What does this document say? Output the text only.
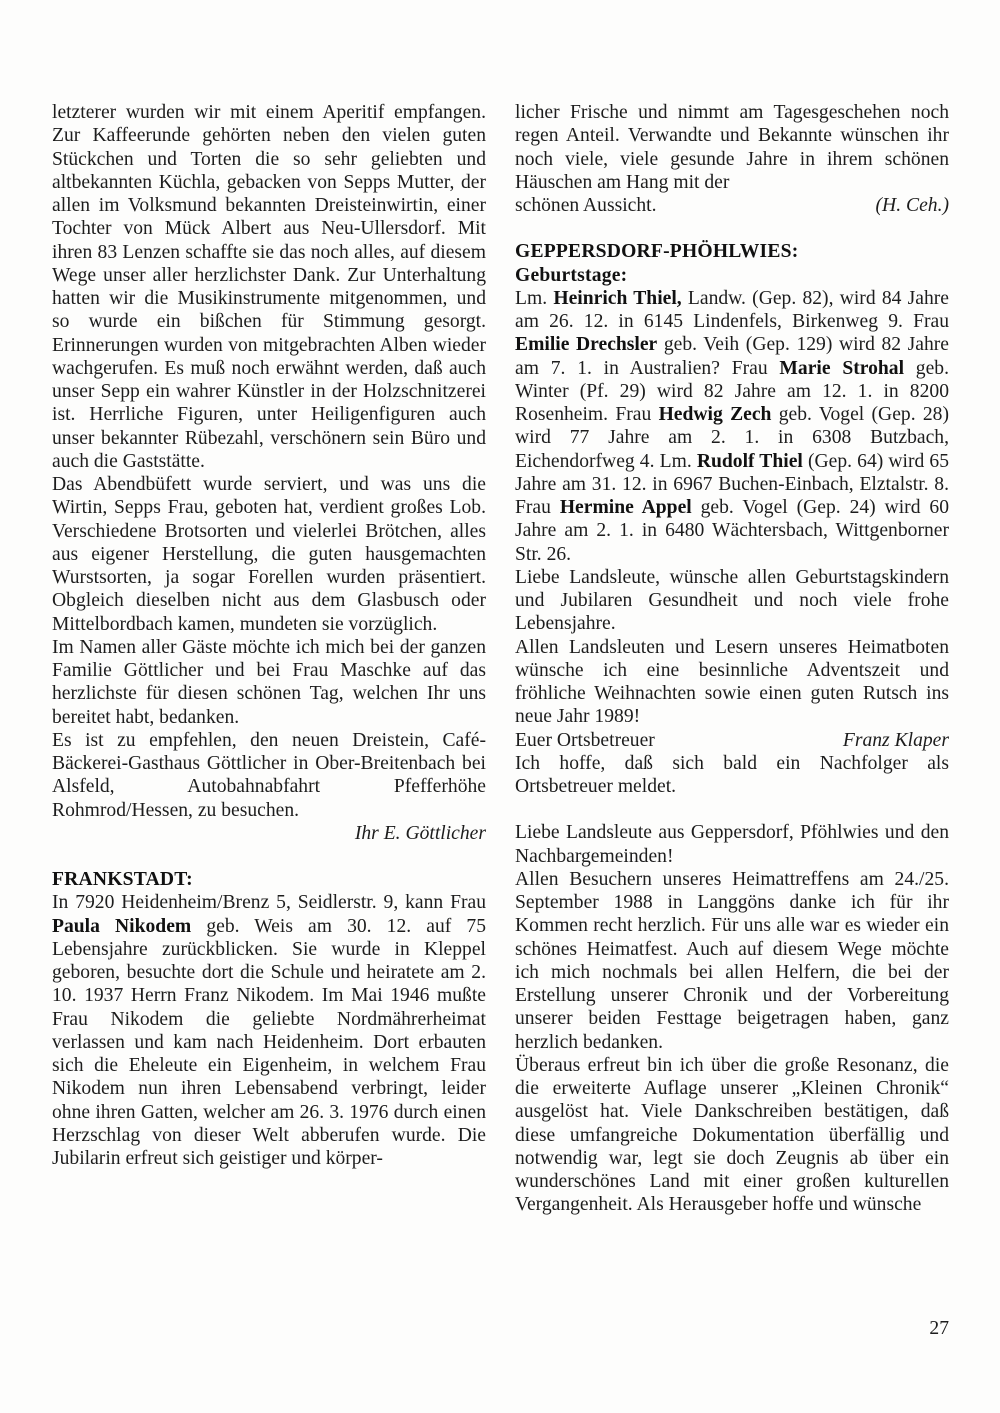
letzterer wurden wir mit einem Aperitif empfangen. Zur Kaffeerunde gehörten neben den vielen guten Stückchen und Torten die so sehr geliebten und altbekannten Küchla, gebacken von Sepps Mutter, der allen im Volksmund bekannten Dreisteinwirtin, einer Tochter von Mück Albert aus Neu-Ullersdorf. Mit ihren 83 Lenzen schaffte sie das noch alles, auf diesem Wege unser aller herzlichster Dank. Zur Unterhaltung hatten wir die Musikinstrumente mitgenommen, und so wurde ein bißchen für Stimmung gesorgt. Erinnerungen wurden von mitgebrachten Alben wieder wachgerufen. Es muß noch erwähnt werden, daß auch unser Sepp ein wahrer Künstler in der Holzschnitzerei ist. Herrliche Figuren, unter Heiligenfiguren auch unser bekannter Rübezahl, verschönern sein Büro und auch die Gaststätte.

Das Abendbüfett wurde serviert, und was uns die Wirtin, Sepps Frau, geboten hat, verdient großes Lob. Verschiedene Brotsorten und vielerlei Brötchen, alles aus eigener Herstellung, die guten hausgemachten Wurstsorten, ja sogar Forellen wurden präsentiert. Obgleich dieselben nicht aus dem Glasbusch oder Mittelbordbach kamen, mundeten sie vorzüglich.

Im Namen aller Gäste möchte ich mich bei der ganzen Familie Göttlicher und bei Frau Maschke auf das herzlichste für diesen schönen Tag, welchen Ihr uns bereitet habt, bedanken.

Es ist zu empfehlen, den neuen Dreistein, Café-Bäckerei-Gasthaus Göttlicher in Ober-Breitenbach bei Alsfeld, Autobahnabfahrt Pfefferhöhe Rohmrod/Hessen, zu besuchen.

Ihr E. Göttlicher

FRANKSTADT:

In 7920 Heidenheim/Brenz 5, Seidlerstr. 9, kann Frau Paula Nikodem geb. Weis am 30. 12. auf 75 Lebensjahre zurückblicken. Sie wurde in Kleppel geboren, besuchte dort die Schule und heiratete am 2. 10. 1937 Herrn Franz Nikodem. Im Mai 1946 mußte Frau Nikodem die geliebte Nordmährerheimat verlassen und kam nach Heidenheim. Dort erbauten sich die Eheleute ein Eigenheim, in welchem Frau Nikodem nun ihren Lebensabend verbringt, leider ohne ihren Gatten, welcher am 26. 3. 1976 durch einen Herzschlag von dieser Welt abberufen wurde. Die Jubilarin erfreut sich geistiger und körper-

licher Frische und nimmt am Tagesgeschehen noch regen Anteil. Verwandte und Bekannte wünschen ihr noch viele, viele gesunde Jahre in ihrem schönen Häuschen am Hang mit der

schönen Aussicht.	(H. Ceh.)

GEPPERSDORF-PHÖHLWIES:

Geburtstage:

Lm. Heinrich Thiel, Landw. (Gep. 82), wird 84 Jahre am 26. 12. in 6145 Lindenfels, Birkenweg 9. Frau Emilie Drechsler geb. Veih (Gep. 129) wird 82 Jahre am 7. 1. in Australien? Frau Marie Strohal geb. Winter (Pf. 29) wird 82 Jahre am 12. 1. in 8200 Rosenheim. Frau Hedwig Zech geb. Vogel (Gep. 28) wird 77 Jahre am 2. 1. in 6308 Butzbach, Eichendorfweg 4. Lm. Rudolf Thiel (Gep. 64) wird 65 Jahre am 31. 12. in 6967 Buchen-Einbach, Elztalstr. 8. Frau Hermine Appel geb. Vogel (Gep. 24) wird 60 Jahre am 2. 1. in 6480 Wächtersbach, Wittgenborner Str. 26.

Liebe Landsleute, wünsche allen Geburtstagskindern und Jubilaren Gesundheit und noch viele frohe Lebensjahre.

Allen Landsleuten und Lesern unseres Heimatboten wünsche ich eine besinnliche Adventszeit und fröhliche Weihnachten sowie einen guten Rutsch ins neue Jahr 1989!

Euer Ortsbetreuer	Franz Klaper

Ich hoffe, daß sich bald ein Nachfolger als Ortsbetreuer meldet.

Liebe Landsleute aus Geppersdorf, Pföhlwies und den Nachbargemeinden!

Allen Besuchern unseres Heimattreffens am 24./25. September 1988 in Langgöns danke ich für ihr Kommen recht herzlich. Für uns alle war es wieder ein schönes Heimatfest. Auch auf diesem Wege möchte ich mich nochmals bei allen Helfern, die bei der Erstellung unserer Chronik und der Vorbereitung unserer beiden Festtage beigetragen haben, ganz herzlich bedanken.

Überaus erfreut bin ich über die große Resonanz, die die erweiterte Auflage unserer „Kleinen Chronik“ ausgelöst hat. Viele Dankschreiben bestätigen, daß diese umfangreiche Dokumentation überfällig und notwendig war, legt sie doch Zeugnis ab über ein wunderschönes Land mit einer großen kulturellen Vergangenheit. Als Herausgeber hoffe und wünsche

27
